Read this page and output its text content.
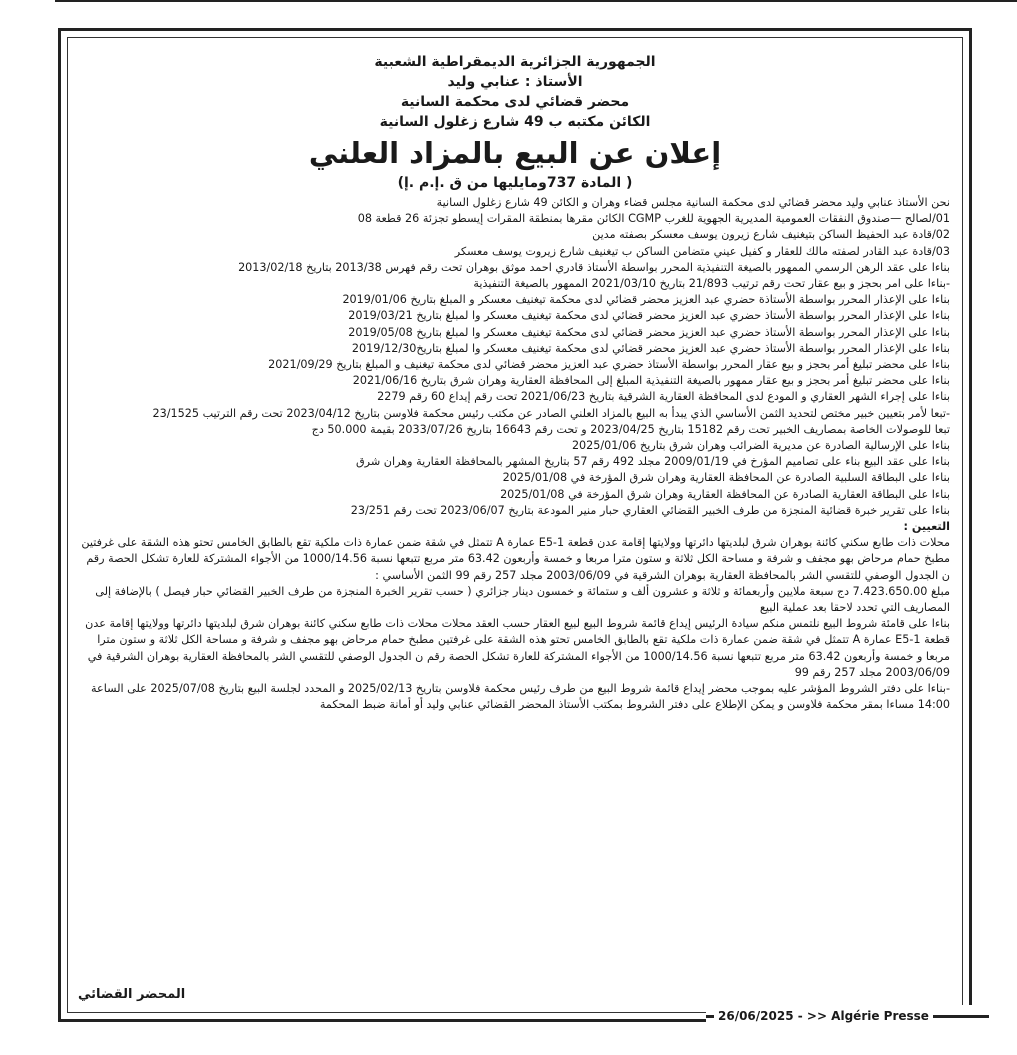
الجمهورية الجزائرية الديمقراطية الشعبية
الأستاذ : عنابي وليد
محضر قضائي لدى محكمة السانية
الكائن مكتبه ب 49 شارع زغلول السانية
إعلان عن البيع بالمزاد العلني
( المادة 737ومايليها من ق .إ.م .إ)

نحن الأستاذ عنابي وليد محضر قضائي لدى محكمة السانية مجلس قضاء وهران و الكائن 49 شارع زغلول السانية

01/لصالح —صندوق النفقات العمومية المديرية الجهوية للغرب CGMP الكائن مقرها بمنطقة المقرات إيسطو تجزئة 26 قطعة 08

02/قادة عبد الحفيظ الساكن بتيغنيف شارع زيرون يوسف معسكر بصفته مدين

03/قادة عبد القادر لصفته مالك للعقار و كفيل عيني متضامن الساكن ب تيغنيف شارع زيروت يوسف معسكر

بناءا على عقد الرهن الرسمي الممهور بالصيغة التنفيذية المحرر بواسطة الأستاذ قادري احمد موثق بوهران تحت رقم فهرس 2013/38 بتاريخ 2013/02/18

-بناءا على امر بحجز و بيع عقار تحت رقم ترتيب 21/893 بتاريخ 2021/03/10 الممهور بالصيغة التنفيذية

بناءا على الإعذار المحرر بواسطة الأستاذة حضري عبد العزيز محضر قضائي لدى محكمة تيغنيف معسكر و المبلغ بتاريخ 2019/01/06

بناءا على الإعذار المحرر بواسطة الأستاذ حضري عبد العزيز محضر قضائي لدى محكمة تيغنيف معسكر وا لمبلغ بتاريخ 2019/03/21

بناءا على الإعذار المحرر بواسطة الأستاذ حضري عبد العزيز محضر قضائي لدى محكمة تيغنيف معسكر وا لمبلغ بتاريخ 2019/05/08

بناءا على الإعذار المحرر بواسطة الأستاذ حضري عبد العزيز محضر قضائي لدى محكمة تيغنيف معسكر وا لمبلغ بتاريخ2019/12/30

بناءا على محضر تبليغ أمر بحجز و بيع عقار المحرر بواسطة الأستاذ حضري عبد العزيز محضر قضائي لدى محكمة تيغنيف و المبلغ بتاريخ 2021/09/29

بناءا على محضر تبليغ أمر بحجز و بيع عقار ممهور بالصيغة التنفيذية المبلغ إلى المحافظة العقارية وهران شرق بتاريخ 2021/06/16

بناءا على إجراء الشهر العقاري و المودع لدى المحافظة العقارية الشرقية بتاريخ 2021/06/23 تحت رقم إيداع 60 رقم 2279

-تبعا لأمر بتعيين خبير مختص لتحديد الثمن الأساسي الذي يبدأ به البيع بالمزاد العلني الصادر عن مكتب رئيس محكمة فلاوسن بتاريخ 2023/04/12 تحت رقم الترتيب 23/1525

تبعا للوصولات الخاصة بمصاريف الخبير تحت رقم 15182 بتاريخ 2023/04/25 و تحت رقم 16643 بتاريخ 2033/07/26 بقيمة 50.000 دج

بناءا على الإرسالية الصادرة عن مديرية الضرائب وهران شرق بتاريخ 2025/01/06

بناءا على عقد البيع بناء على تصاميم المؤرخ في 2009/01/19 مجلد 492 رقم 57 بتاريخ المشهر بالمحافظة العقارية وهران شرق

بناءا على البطاقة السلبية الصادرة عن المحافظة العقارية وهران شرق المؤرخة في 2025/01/08

بناءا على البطاقة العقارية الصادرة عن المحافظة العقارية وهران شرق المؤرخة في 2025/01/08

بناءا على تقرير خبرة قضائية المنجزة من طرف الخبير القضائي العقاري حبار منير المودعة بتاريخ 2023/06/07 تحت رقم 23/251

التعيين :

محلات ذات طابع سكني كائنة بوهران شرق لبلديتها دائرتها وولايتها إقامة عدن قطعة E5-1 عمارة A تتمثل في شقة ضمن عمارة ذات ملكية تقع بالطابق الخامس تحتو هذه الشقة على غرفتين مطبخ حمام مرحاض بهو مجفف و شرفة و مساحة الكل ثلاثة و ستون مترا مربعا و خمسة وأربعون 63.42 متر مربع تتبعها نسبة 1000/14.56 من الأجواء المشتركة للعارة تشكل الحصة رقم ن الجدول الوصفي للتقسي الشر بالمحافظة العقارية بوهران الشرقية في 2003/06/09 مجلد 257 رقم 99 الثمن الأساسي :

مبلغ 7.423.650.00 دج سبعة ملايين وأربعمائة و ثلاثة و عشرون ألف و ستمائة و خمسون دينار جزائري ( حسب تقرير الخبرة المنجزة من طرف الخبير القضائي حبار فيصل ) بالإضافة إلى المصاريف التي تحدد لاحقا بعد عملية البيع

بناءا على قامئة شروط البيع نلتمس منكم سيادة الرئيس إيداع قائمة شروط البيع لبيع العقار حسب العقد محلات محلات ذات طابع سكني كائنة بوهران شرق لبلديتها دائرتها وولايتها إقامة عدن قطعة E5-1 عمارة A تتمثل في شقة ضمن عمارة ذات ملكية تقع بالطابق الخامس تحتو هذه الشقة على غرفتين مطبخ حمام مرحاض بهو مجفف و شرفة و مساحة الكل ثلاثة و ستون مترا مربعا و خمسة وأربعون 63.42 متر مربع تتبعها نسبة 1000/14.56 من الأجواء المشتركة للعارة تشكل الحصة رقم ن الجدول الوصفي للتقسي الشر بالمحافظة العقارية بوهران الشرقية في 2003/06/09 مجلد 257 رقم 99

-بناءا على دفتر الشروط المؤشر عليه بموجب محضر إيداع قائمة شروط البيع من طرف رئيس محكمة فلاوسن بتاريخ 2025/02/13 و المحدد لجلسة البيع بتاريخ 2025/07/08 على الساعة 14:00 مساءا بمقر محكمة فلاوسن و يمكن الإطلاع على دفتر الشروط بمكتب الأستاذ المحضر القضائي عنابي وليد أو أمانة ضبط المحكمة

المحضر القضائي
26/06/2025 - >> Algérie Presse
